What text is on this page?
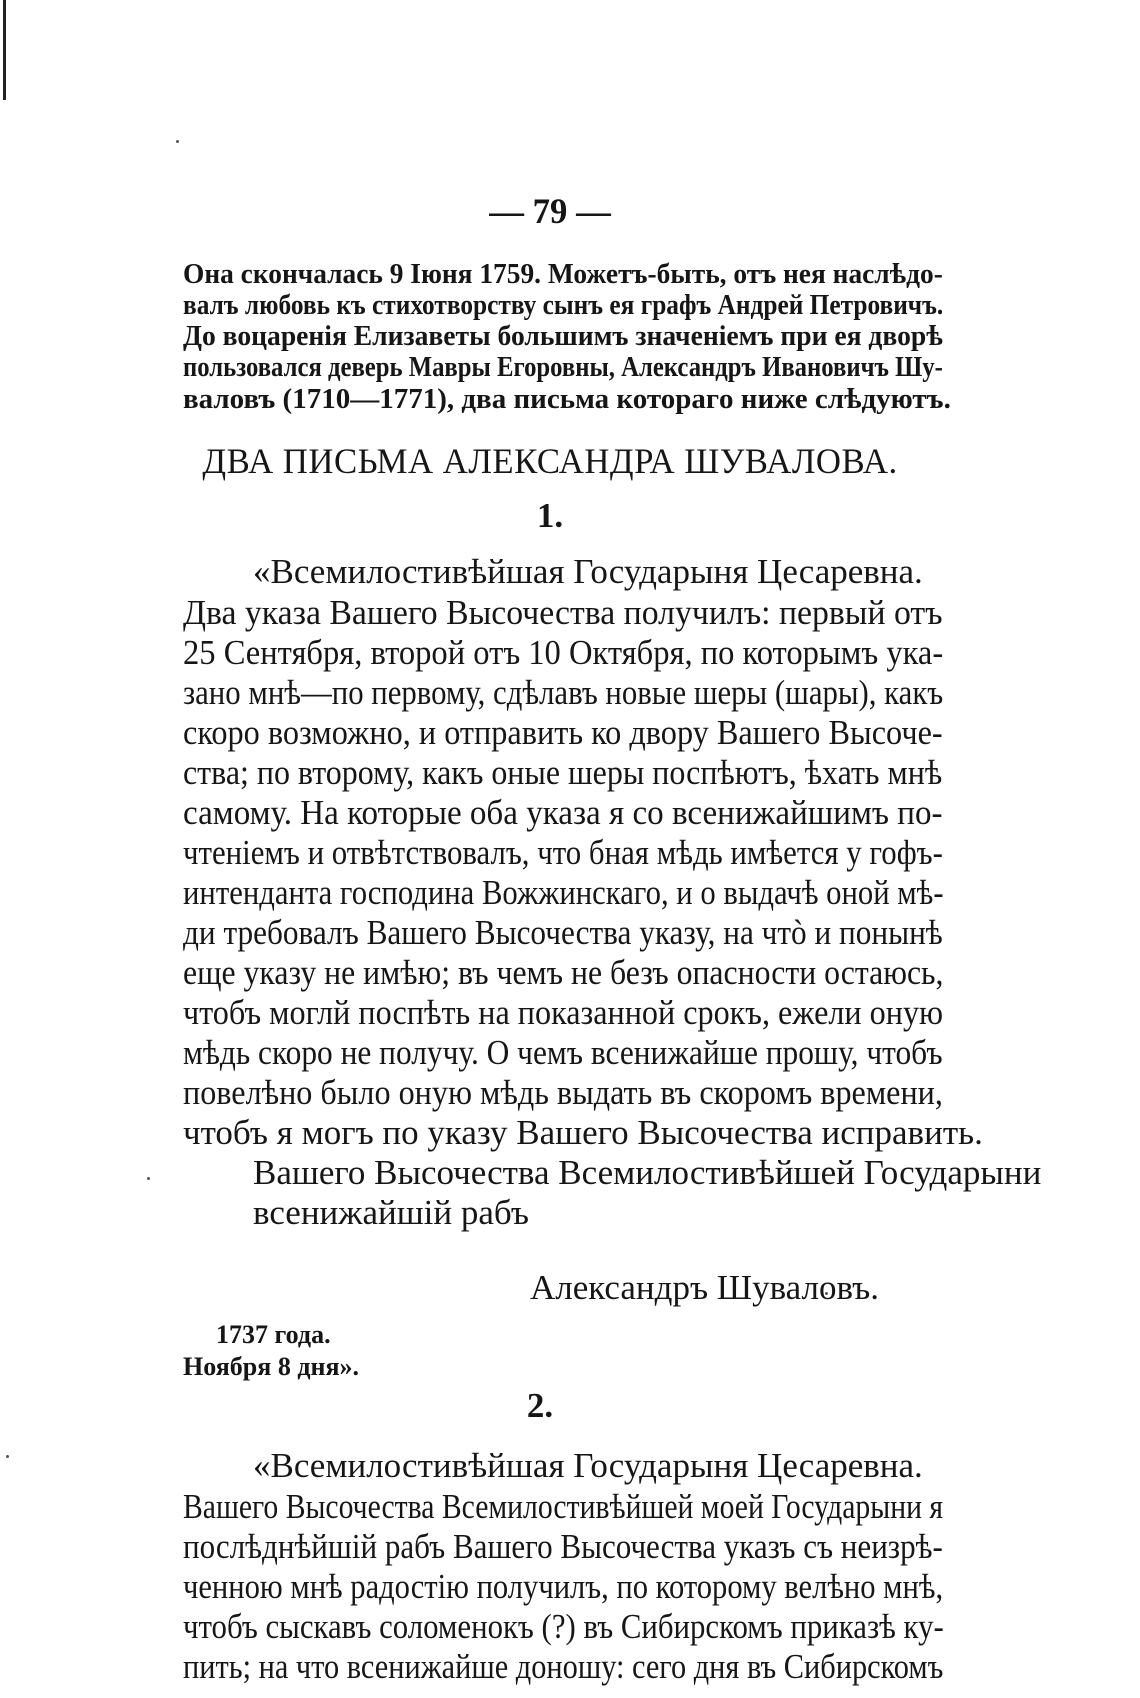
— 79 —
Она скончалась 9 Іюня 1759. Можетъ-быть, отъ нея наслѣдо-
валъ любовь къ стихотворству сынъ ея графъ Андрей Петровичъ.
До воцаренія Елизаветы большимъ значеніемъ при ея дворѣ
пользовался деверь Мавры Егоровны, Александръ Ивановичъ Шу-
валовъ (1710—1771), два письма которагo ниже слѣдуютъ.
ДВА ПИСЬМА АЛЕКСАНДРА ШУВАЛОВА.
1.
«Всемилостивѣйшая Государыня Цесаревна.
Два указа Вашего Высочества получилъ: первый отъ
25 Сентября, второй отъ 10 Октября, по которымъ ука-
зано мнѣ—по первому, сдѣлавъ новые шеры (шары), какъ
скоро возможно, и отправить ко двору Вашего Высоче-
ства; по второму, какъ оные шеры поспѣютъ, ѣхать мнѣ
самому. На которые оба указа я со всенижайшимъ по-
чтеніемъ и отвѣтствовалъ, что бная мѣдь имѣется у гофъ-
интенданта господина Вожжинскаго, и о выдачѣ оной мѣ-
ди требовалъ Вашего Высочества указу, на чтò и понынѣ
еще указу не имѣю; въ чемъ не безъ опасности остаюсь,
чтобъ моглй поспѣть на показанной срокъ, ежели оную
мѣдь скоро не получу. О чемъ всенижайше прошу, чтобъ
повелѣно было оную мѣдь выдать въ скоромъ времени,
чтобъ я могъ по указу Вашего Высочества исправить.
Вашего Высочества Всемилостивѣйшей Государыни
всенижайшій рабъ
Александръ Шуваловъ.
1737 года.
Ноября 8 дня».
2.
«Всемилостивѣйшая Государыня Цесаревна.
Вашего Высочества Всемилостивѣйшей моей Государыни я
послѣднѣйшій рабъ Вашего Высочества указъ съ неизрѣ-
ченною мнѣ радостію получилъ, по которому велѣно мнѣ,
чтобъ сыскавъ соломенокъ (?) въ Сибирскомъ приказѣ ку-
пить; на что всенижайше доношу: сего дня въ Сибирскомъ
